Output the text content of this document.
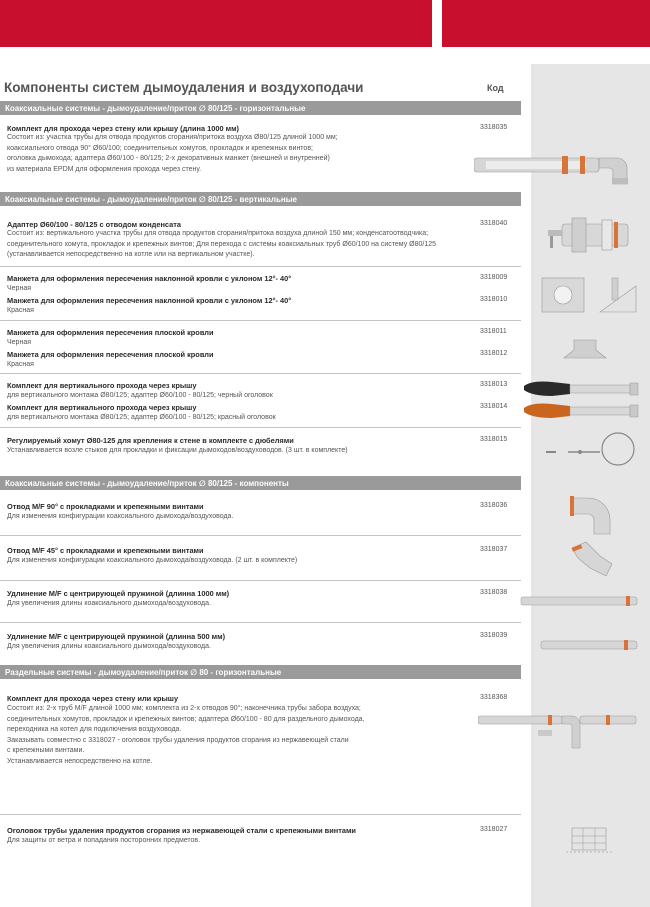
Компоненты систем дымоудаления и воздухоподачи	Код
Коаксиальные системы - дымоудаление/приток ∅ 80/125 - горизонтальные
Комплект для прохода через стену или крышу (длина 1000 мм)	3318035
Состоит из: участка трубы для отвода продуктов сгорания/притока воздуха Ø80/125 длиной 1000 мм;
коаксиального отвода 90° Ø60/100; соединительных хомутов, прокладок и крепежных винтов;
оголовка дымохода; адаптера Ø60/100 - 80/125; 2-х декоративных манжет (внешней и внутренней)
из материала EPDM для оформления прохода через стену.
Коаксиальные системы - дымоудаление/приток ∅ 80/125 - вертикальные
Адаптер Ø60/100 - 80/125 с отводом конденсата	3318040
Состоит из: вертикального участка трубы для отвода продуктов сгорания/притока воздуха длиной 150 мм; конденсатоотводчика;
соединительного хомута, прокладок и крепежных винтов; Для перехода с системы коаксиальных труб Ø60/100 на систему Ø80/125
(устанавливается непосредственно на котле или на вертикальном участке).
Манжета для оформления пересечения наклонной кровли с уклоном 12°- 40°	3318009
Черная
Манжета для оформления пересечения наклонной кровли с уклоном 12°- 40°	3318010
Красная
Манжета для оформления пересечения плоской кровли	3318011
Черная
Манжета для оформления пересечения плоской кровли	3318012
Красная
Комплект для вертикального прохода через крышу	3318013
для вертикального монтажа Ø80/125; адаптер Ø60/100 - 80/125; черный оголовок
Комплект для вертикального прохода через крышу	3318014
для вертикального монтажа Ø80/125; адаптер Ø60/100 - 80/125; красный оголовок
Регулируемый хомут Ø80-125 для крепления к стене в комплекте с дюбелями	3318015
Устанавливается возле стыков для прокладки и фиксации дымоходов/воздуховодов. (3 шт. в комплекте)
Коаксиальные системы - дымоудаление/приток ∅ 80/125 - компоненты
Отвод M/F 90° с прокладками и крепежными винтами	3318036
Для изменения конфигурации коаксиального дымохода/воздуховода.
Отвод M/F 45° с прокладками и крепежными винтами	3318037
Для изменения конфигурации коаксиального дымохода/воздуховода. (2 шт. в комплекте)
Удлинение M/F с центрирующей пружиной (длинна 1000 мм)	3318038
Для увеличения длины коаксиального дымохода/воздуховода.
Удлинение M/F с центрирующей пружиной (длинна 500 мм)	3318039
Для увеличения длины коаксиального дымохода/воздуховода.
Раздельные системы - дымоудаление/приток ∅ 80 - горизонтальные
Комплект для прохода через стену или крышу	3318368
Состоит из: 2-х труб M/F длиной 1000 мм; комплекта из 2-х отводов 90°; наконечника трубы забора воздуха;
соединительных хомутов, прокладок и крепежных винтов; адаптера Ø60/100 - 80 для раздельного дымохода,
переходника на котел для подключения воздуховода.
Заказывать совместно с 3318027 - оголовок трубы удаления продуктов сгорания из нержавеющей стали
с крепежными винтами.
Устанавливается непосредственно на котле.
Оголовок трубы удаления продуктов сгорания из нержавеющей стали с крепежными винтами	3318027
Для защиты от ветра и попадания посторонних предметов.
